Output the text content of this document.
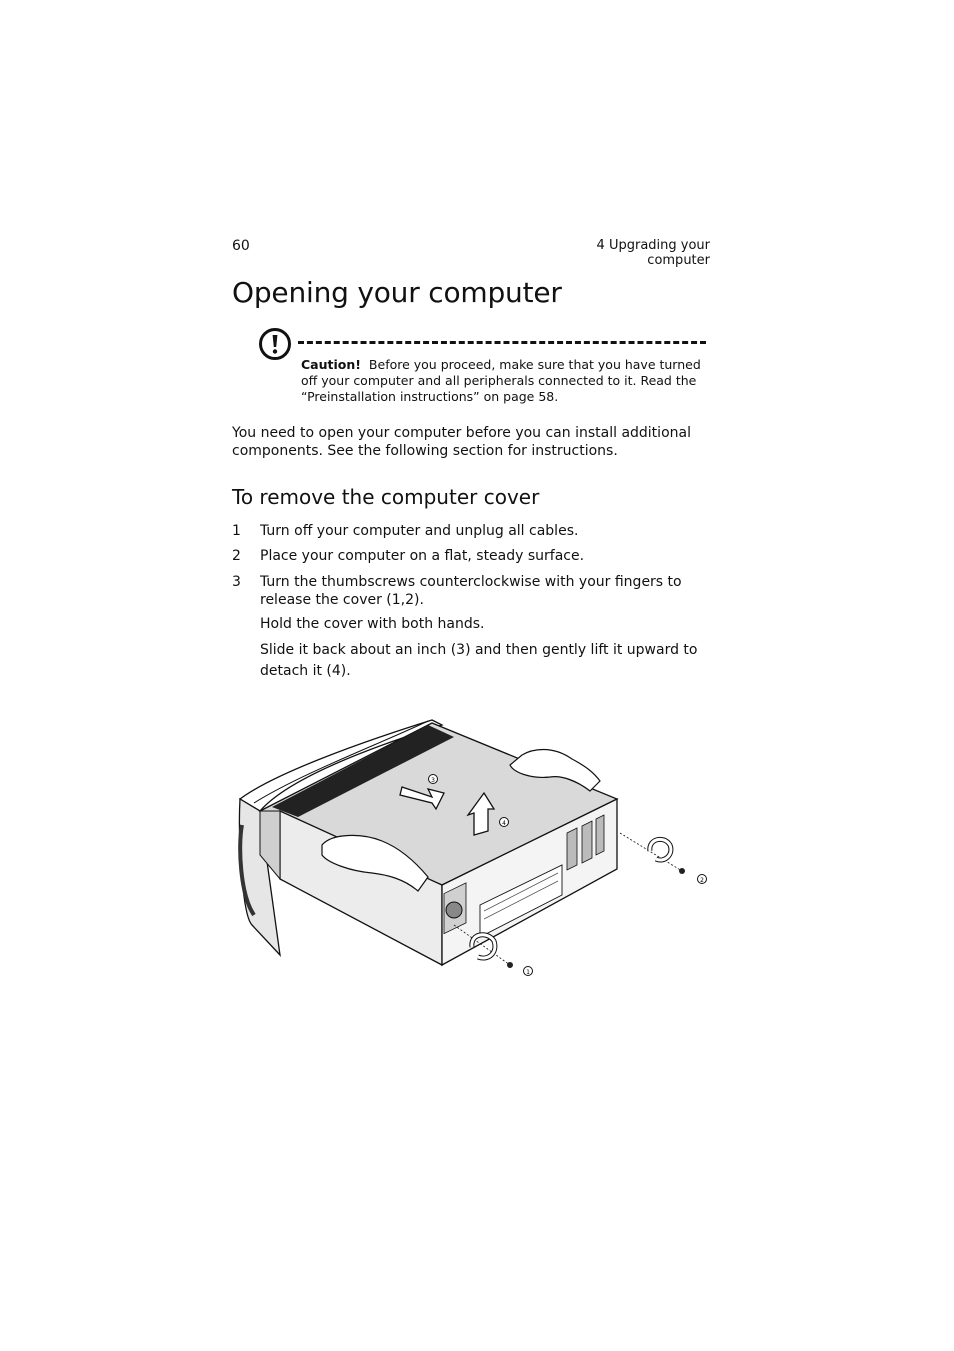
60	4 Upgrading your computer
Opening your computer
Caution! Before you proceed, make sure that you have turned off your computer and all peripherals connected to it. Read the “Preinstallation instructions” on page 58.
You need to open your computer before you can install additional components. See the following section for instructions.
To remove the computer cover
1 Turn off your computer and unplug all cables.
2 Place your computer on a flat, steady surface.
3 Turn the thumbscrews counterclockwise with your fingers to release the cover (1,2).
Hold the cover with both hands.
Slide it back about an inch (3) and then gently lift it upward to detach it (4).
3
4
2
1
